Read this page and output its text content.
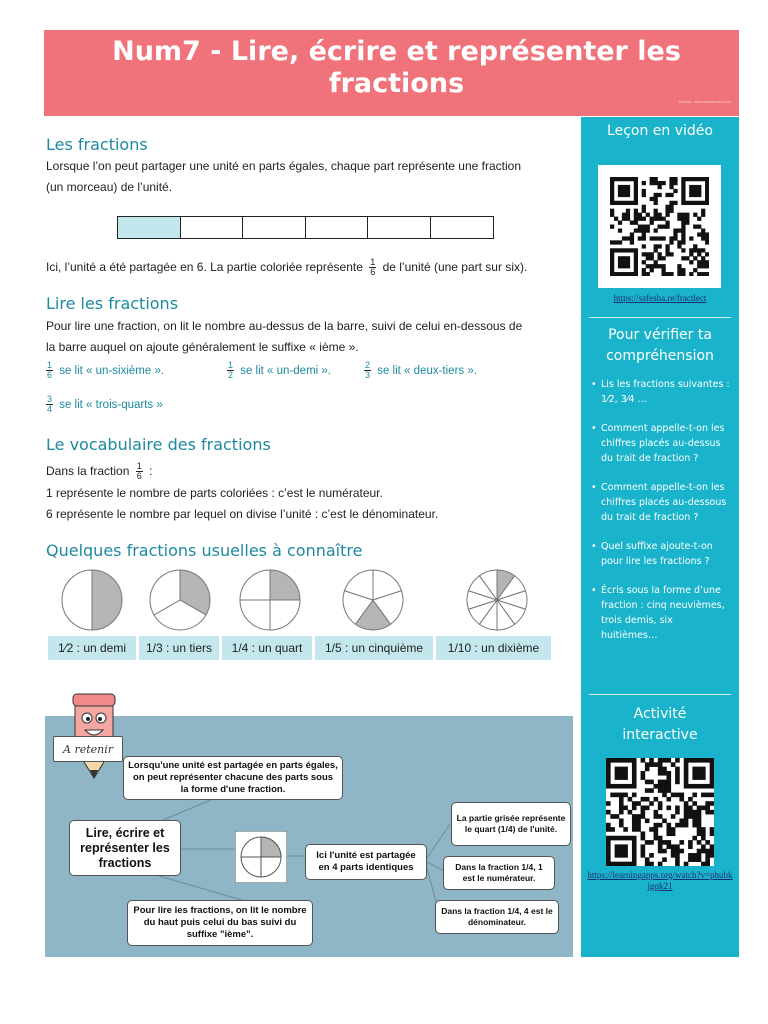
Num7 - Lire, écrire et représenter les fractions
Source : www.maxicours.com
Les fractions
Lorsque l’on peut partager une unité en parts égales, chaque part représente une fraction
(un morceau) de l’unité.
Ici, l’unité a été partagée en 6. La partie coloriée représente $\frac{1}{6}$ de l’unité (une part sur six).
Lire les fractions
Pour lire une fraction, on lit le nombre au-dessus de la barre, suivi de celui en-dessous de
la barre auquel on ajoute généralement le suffixe « ième ».
$\frac{1}{6}$ se lit « un-sixième ».	$\frac{1}{2}$ se lit « un-demi ».	$\frac{2}{3}$ se lit « deux-tiers ».
$\frac{3}{4}$ se lit « trois-quarts »
Le vocabulaire des fractions
Dans la fraction $\frac{1}{6}$ :
1 représente le nombre de parts coloriées : c’est le numérateur.
6 représente le nombre par lequel on divise l’unité : c’est le dénominateur.
Quelques fractions usuelles à connaître
1⁄2 : un demi	1/3 : un tiers	1/4 : un quart	1/5 : un cinquième	1/10 : un dixième
A retenir
Lorsqu'une unité est partagée en parts égales, on peut représenter chacune des parts sous la forme d'une fraction.
Lire, écrire et représenter les fractions
Pour lire les fractions, on lit le nombre du haut puis celui du bas suivi du suffixe "ième".
Ici l'unité est partagée en 4 parts identiques
La partie grisée représente le quart (1/4) de l'unité.
Dans la fraction 1/4, 1 est le numérateur.
Dans la fraction 1/4, 4 est le dénominateur.
Leçon en vidéo
https://safesha.re/fractlect
Pour vérifier ta compréhension
• Lis les fractions suivantes : 1⁄2, 3⁄4 …
• Comment appelle-t-on les chiffres placés au-dessus du trait de fraction ?
• Comment appelle-t-on les chiffres placés au-dessous du trait de fraction ?
• Quel suffixe ajoute-t-on pour lire les fractions ?
• Écris sous la forme d’une fraction : cinq neuvièmes, trois demis, six huitièmes…
Activité interactive
https://learningapps.org/watch?v=phubkjgqk21
